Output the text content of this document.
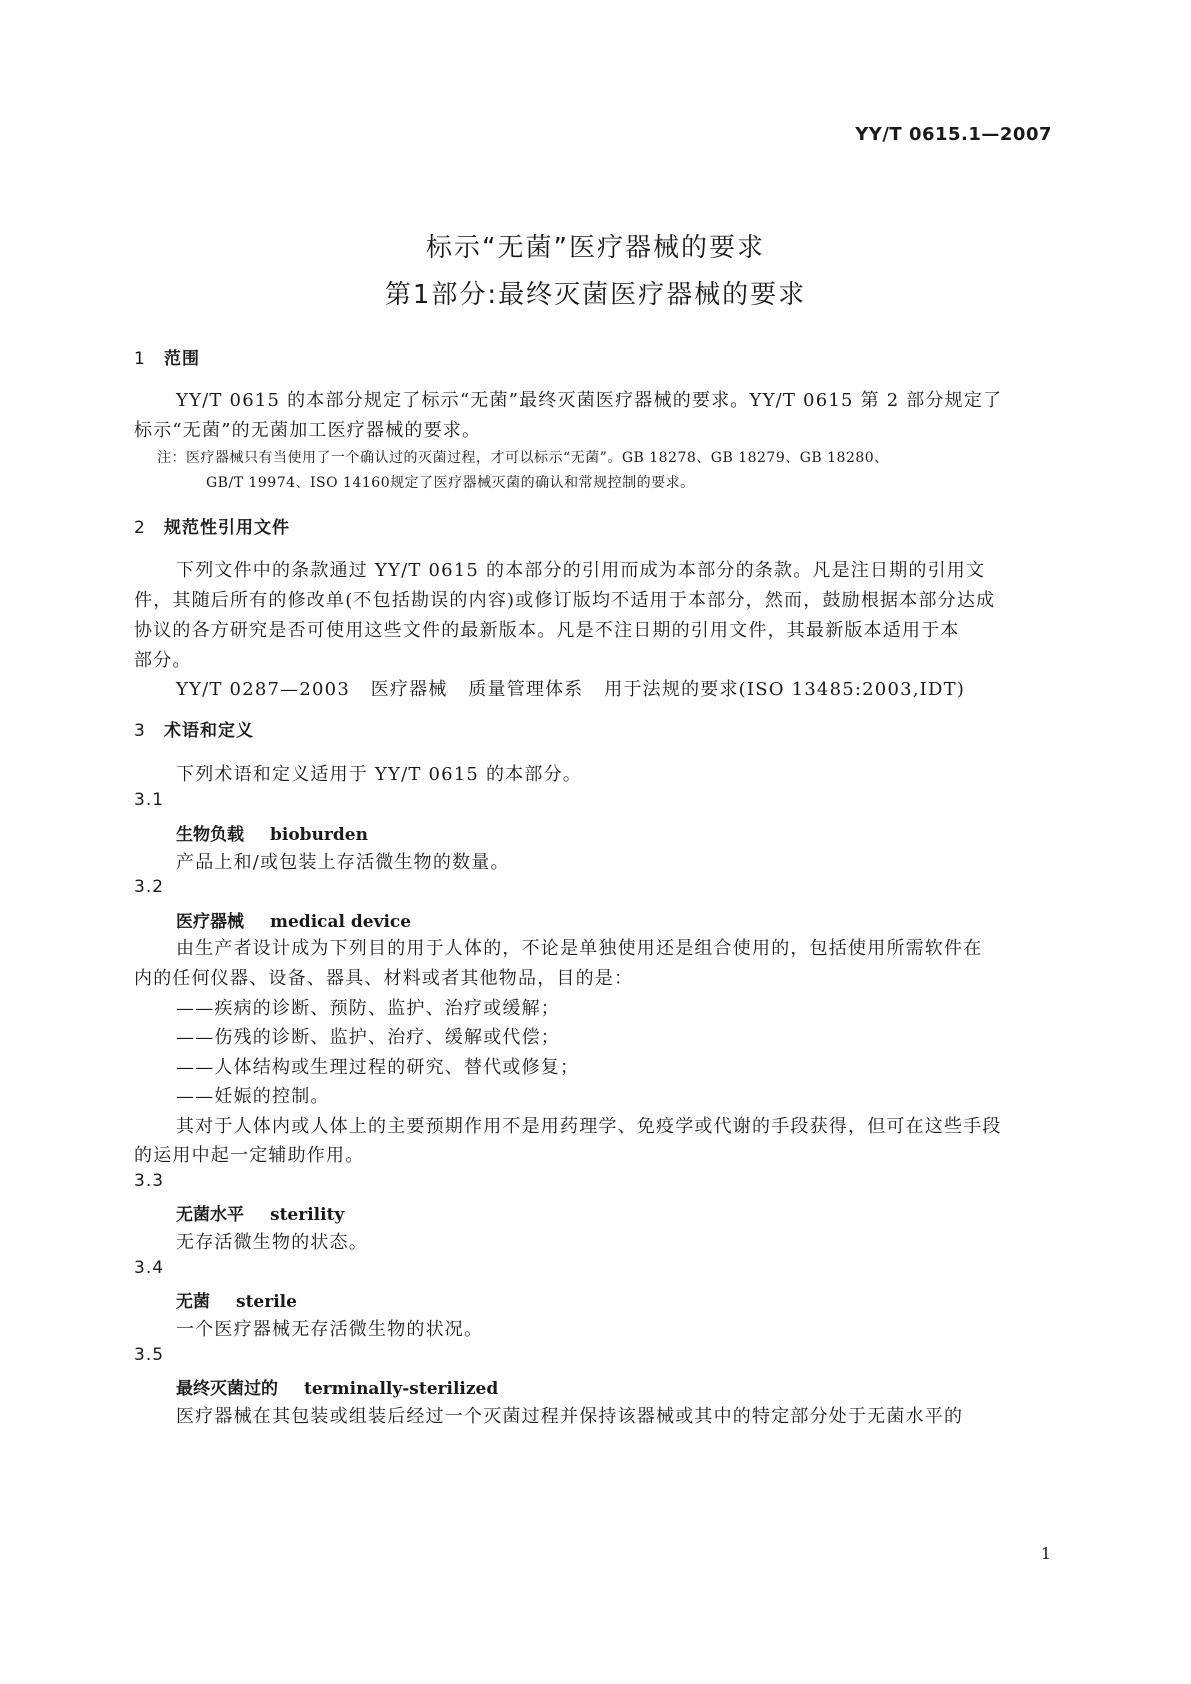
YY/T 0615.1—2007
标示“无菌”医疗器械的要求
第1部分:最终灭菌医疗器械的要求
1 范围
YY/T 0615 的本部分规定了标示“无菌”最终灭菌医疗器械的要求。YY/T 0615 第 2 部分规定了
标示“无菌”的无菌加工医疗器械的要求。
注：医疗器械只有当使用了一个确认过的灭菌过程，才可以标示“无菌”。GB 18278、GB 18279、GB 18280、
GB/T 19974、ISO 14160规定了医疗器械灭菌的确认和常规控制的要求。
2 规范性引用文件
下列文件中的条款通过 YY/T 0615 的本部分的引用而成为本部分的条款。凡是注日期的引用文
件，其随后所有的修改单(不包括勘误的内容)或修订版均不适用于本部分，然而，鼓励根据本部分达成
协议的各方研究是否可使用这些文件的最新版本。凡是不注日期的引用文件，其最新版本适用于本
部分。
YY/T 0287—2003   医疗器械   质量管理体系   用于法规的要求(ISO 13485:2003,IDT)
3 术语和定义
下列术语和定义适用于 YY/T 0615 的本部分。
3.1
生物负载 bioburden
产品上和/或包装上存活微生物的数量。
3.2
医疗器械 medical device
由生产者设计成为下列目的用于人体的，不论是单独使用还是组合使用的，包括使用所需软件在
内的任何仪器、设备、器具、材料或者其他物品，目的是：
——疾病的诊断、预防、监护、治疗或缓解；
——伤残的诊断、监护、治疗、缓解或代偿；
——人体结构或生理过程的研究、替代或修复；
——妊娠的控制。
其对于人体内或人体上的主要预期作用不是用药理学、免疫学或代谢的手段获得，但可在这些手段
的运用中起一定辅助作用。
3.3
无菌水平 sterility
无存活微生物的状态。
3.4
无菌 sterile
一个医疗器械无存活微生物的状况。
3.5
最终灭菌过的 terminally-sterilized
医疗器械在其包装或组装后经过一个灭菌过程并保持该器械或其中的特定部分处于无菌水平的
1
